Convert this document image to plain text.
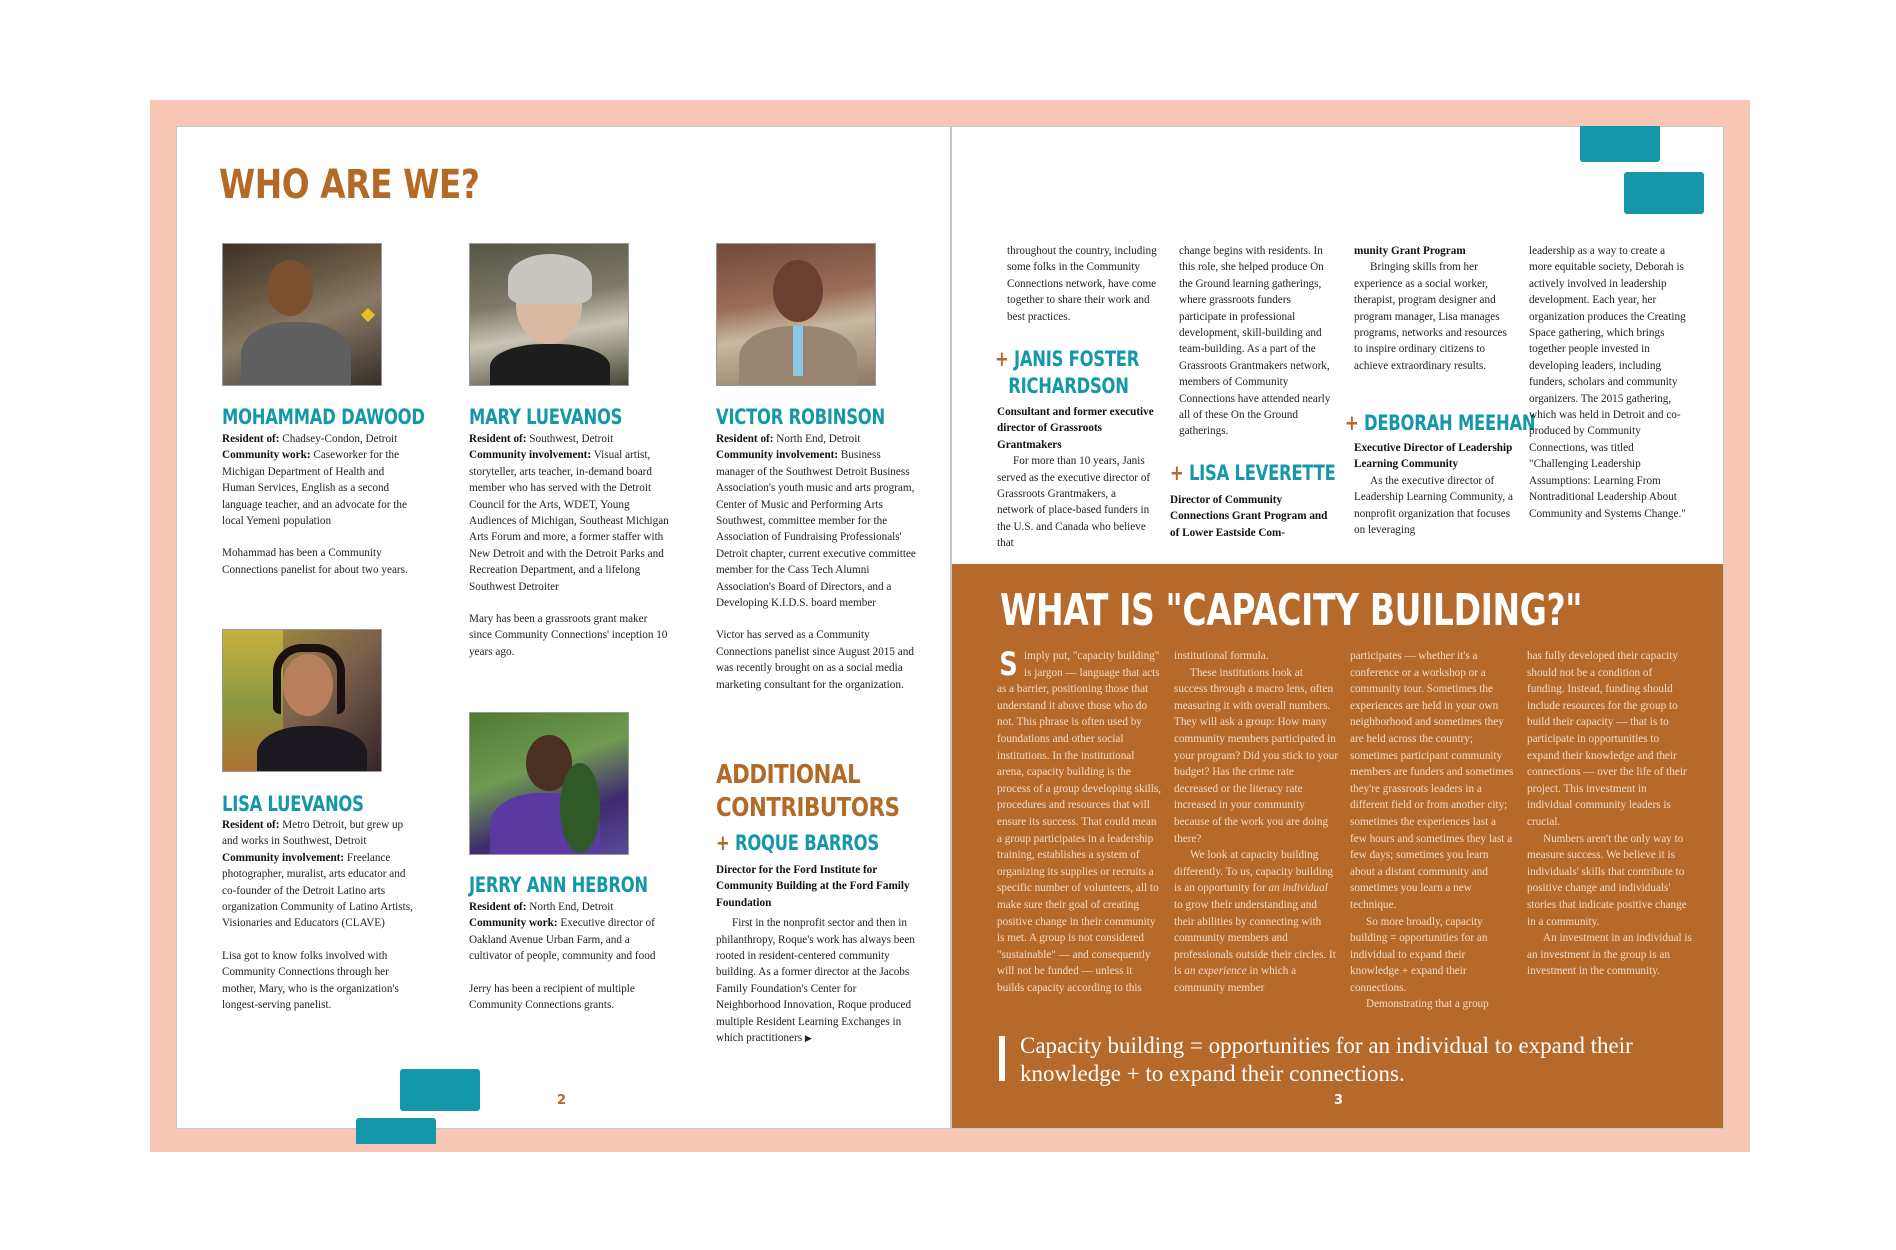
WHO ARE WE?
MOHAMMAD DAWOOD

Resident of: Chadsey-Condon, Detroit

Community work: Caseworker for the Michigan Department of Health and Human Services, English as a second language teacher, and an advocate for the local Yemeni population

Mohammad has been a Community Connections panelist for about two years.

LISA LUEVANOS

Resident of: Metro Detroit, but grew up and works in Southwest, Detroit

Community involvement: Freelance photographer, muralist, arts educator and co-founder of the Detroit Latino arts organization Community of Latino Artists, Visionaries and Educators (CLAVE)

Lisa got to know folks involved with Community Connections through her mother, Mary, who is the organization's longest-serving panelist.

MARY LUEVANOS

Resident of: Southwest, Detroit

Community involvement: Visual artist, storyteller, arts teacher, in-demand board member who has served with the Detroit Council for the Arts, WDET, Young Audiences of Michigan, Southeast Michigan Arts Forum and more, a former staffer with New Detroit and with the Detroit Parks and Recreation Department, and a lifelong Southwest Detroiter

Mary has been a grassroots grant maker since Community Connections' inception 10 years ago.

JERRY ANN HEBRON

Resident of: North End, Detroit

Community work: Executive director of Oakland Avenue Urban Farm, and a cultivator of people, community and food

Jerry has been a recipient of multiple Community Connections grants.

VICTOR ROBINSON

Resident of: North End, Detroit

Community involvement: Business manager of the Southwest Detroit Business Association's youth music and arts program, Center of Music and Performing Arts Southwest, committee member for the Association of Fundraising Professionals' Detroit chapter, current executive committee member for the Cass Tech Alumni Association's Board of Directors, and a Developing K.I.D.S. board member

Victor has served as a Community Connections panelist since August 2015 and was recently brought on as a social media marketing consultant for the organization.

ADDITIONAL CONTRIBUTORS
+ ROQUE BARROS

Director for the Ford Institute for Community Building at the Ford Family Foundation

First in the nonprofit sector and then in philanthropy, Roque's work has always been rooted in resident-centered community building. As a former director at the Jacobs Family Foundation's Center for Neighborhood Innovation, Roque produced multiple Resident Learning Exchanges in which practitioners ▶

2
throughout the country, including some folks in the Community Connections network, have come together to share their work and best practices.
+ JANIS FOSTER
RICHARDSON

Consultant and former executive director of Grassroots Grantmakers

For more than 10 years, Janis served as the executive director of Grassroots Grantmakers, a network of place-based funders in the U.S. and Canada who believe that

change begins with residents. In this role, she helped produce On the Ground learning gatherings, where grassroots funders participate in professional development, skill-building and team-building. As a part of the Grassroots Grantmakers network, members of Community Connections have attended nearly all of these On the Ground gatherings.
+ LISA LEVERETTE

Director of Community Connections Grant Program and of Lower Eastside Com-

munity Grant Program

Bringing skills from her experience as a social worker, therapist, program designer and program manager, Lisa manages programs, networks and resources to inspire ordinary citizens to achieve extraordinary results.

+ DEBORAH MEEHAN

Executive Director of Leadership Learning Community

As the executive director of Leadership Learning Community, a nonprofit organization that focuses on leveraging

leadership as a way to create a more equitable society, Deborah is actively involved in leadership development. Each year, her organization produces the Creating Space gathering, which brings together people invested in developing leaders, including funders, scholars and community organizers. The 2015 gathering, which was held in Detroit and co-produced by Community Connections, was titled "Challenging Leadership Assumptions: Learning From Nontraditional Leadership About Community and Systems Change."
WHAT IS "CAPACITY BUILDING?"
Simply put, "capacity building" is jargon — language that acts as a barrier, positioning those that understand it above those who do not. This phrase is often used by foundations and other social institutions. In the institutional arena, capacity building is the process of a group developing skills, procedures and resources that will ensure its success. That could mean a group participates in a leadership training, establishes a system of organizing its supplies or recruits a specific number of volunteers, all to make sure their goal of creating positive change in their community is met. A group is not considered "sustainable" — and consequently will not be funded — unless it builds capacity according to this
institutional formula.
These institutions look at success through a macro lens, often measuring it with overall numbers. They will ask a group: How many community members participated in your program? Did you stick to your budget? Has the crime rate decreased or the literacy rate increased in your community because of the work you are doing there?
We look at capacity building differently. To us, capacity building is an opportunity for an individual to grow their understanding and their abilities by connecting with community members and professionals outside their circles. It is an experience in which a community member
participates — whether it's a conference or a workshop or a community tour. Sometimes the experiences are held in your own neighborhood and sometimes they are held across the country; sometimes participant community members are funders and sometimes they're grassroots leaders in a different field or from another city; sometimes the experiences last a few hours and sometimes they last a few days; sometimes you learn about a distant community and sometimes you learn a new technique.
So more broadly, capacity building = opportunities for an individual to expand their knowledge + expand their connections.
Demonstrating that a group
has fully developed their capacity should not be a condition of funding. Instead, funding should include resources for the group to build their capacity — that is to participate in opportunities to expand their knowledge and their connections — over the life of their project. This investment in individual community leaders is crucial.
Numbers aren't the only way to measure success. We believe it is individuals' skills that contribute to positive change and individuals' stories that indicate positive change in a community.
An investment in an individual is an investment in the group is an investment in the community.
Capacity building = opportunities for an individual to expand their knowledge + to expand their connections.
3
